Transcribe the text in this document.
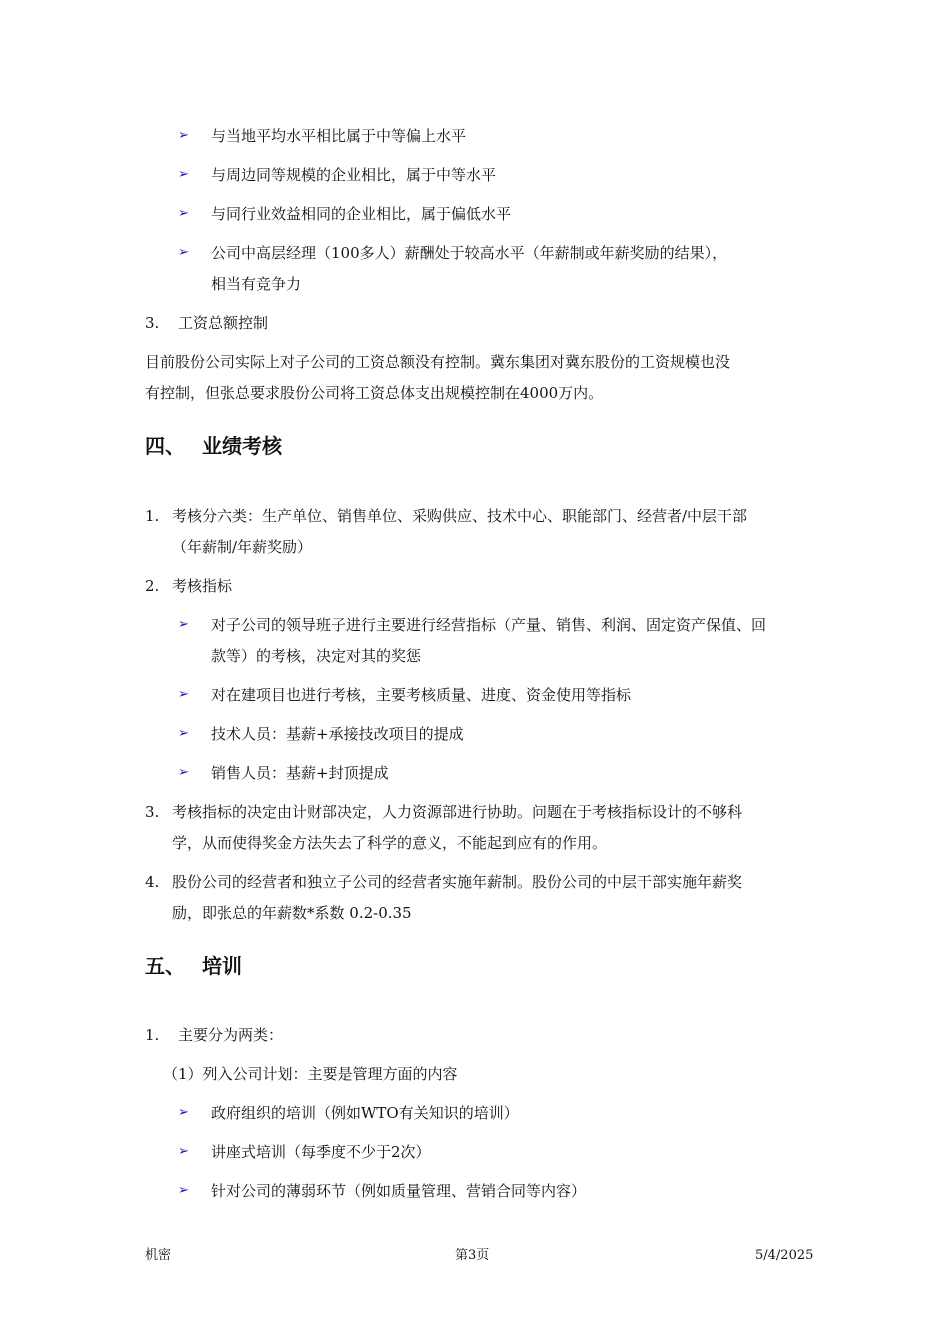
➢ 与当地平均水平相比属于中等偏上水平
➢ 与周边同等规模的企业相比，属于中等水平
➢ 与同行业效益相同的企业相比，属于偏低水平
➢ 公司中高层经理（100多人）薪酬处于较高水平（年薪制或年薪奖励的结果），
相当有竞争力
3. 工资总额控制
目前股份公司实际上对子公司的工资总额没有控制。冀东集团对冀东股份的工资规模也没
有控制，但张总要求股份公司将工资总体支出规模控制在4000万内。
四、 业绩考核
1. 考核分六类：生产单位、销售单位、采购供应、技术中心、职能部门、经营者/中层干部
（年薪制/年薪奖励）
2. 考核指标
➢ 对子公司的领导班子进行主要进行经营指标（产量、销售、利润、固定资产保值、回
款等）的考核，决定对其的奖惩
➢ 对在建项目也进行考核，主要考核质量、进度、资金使用等指标
➢ 技术人员：基薪+承接技改项目的提成
➢ 销售人员：基薪+封顶提成
3. 考核指标的决定由计财部决定，人力资源部进行协助。问题在于考核指标设计的不够科
学，从而使得奖金方法失去了科学的意义，不能起到应有的作用。
4. 股份公司的经营者和独立子公司的经营者实施年薪制。股份公司的中层干部实施年薪奖
励，即张总的年薪数*系数 0.2-0.35
五、 培训
1. 主要分为两类：
（1）列入公司计划：主要是管理方面的内容
➢ 政府组织的培训（例如WTO有关知识的培训）
➢ 讲座式培训（每季度不少于2次）
➢ 针对公司的薄弱环节（例如质量管理、营销合同等内容）
机密	第3页	5/4/2025
